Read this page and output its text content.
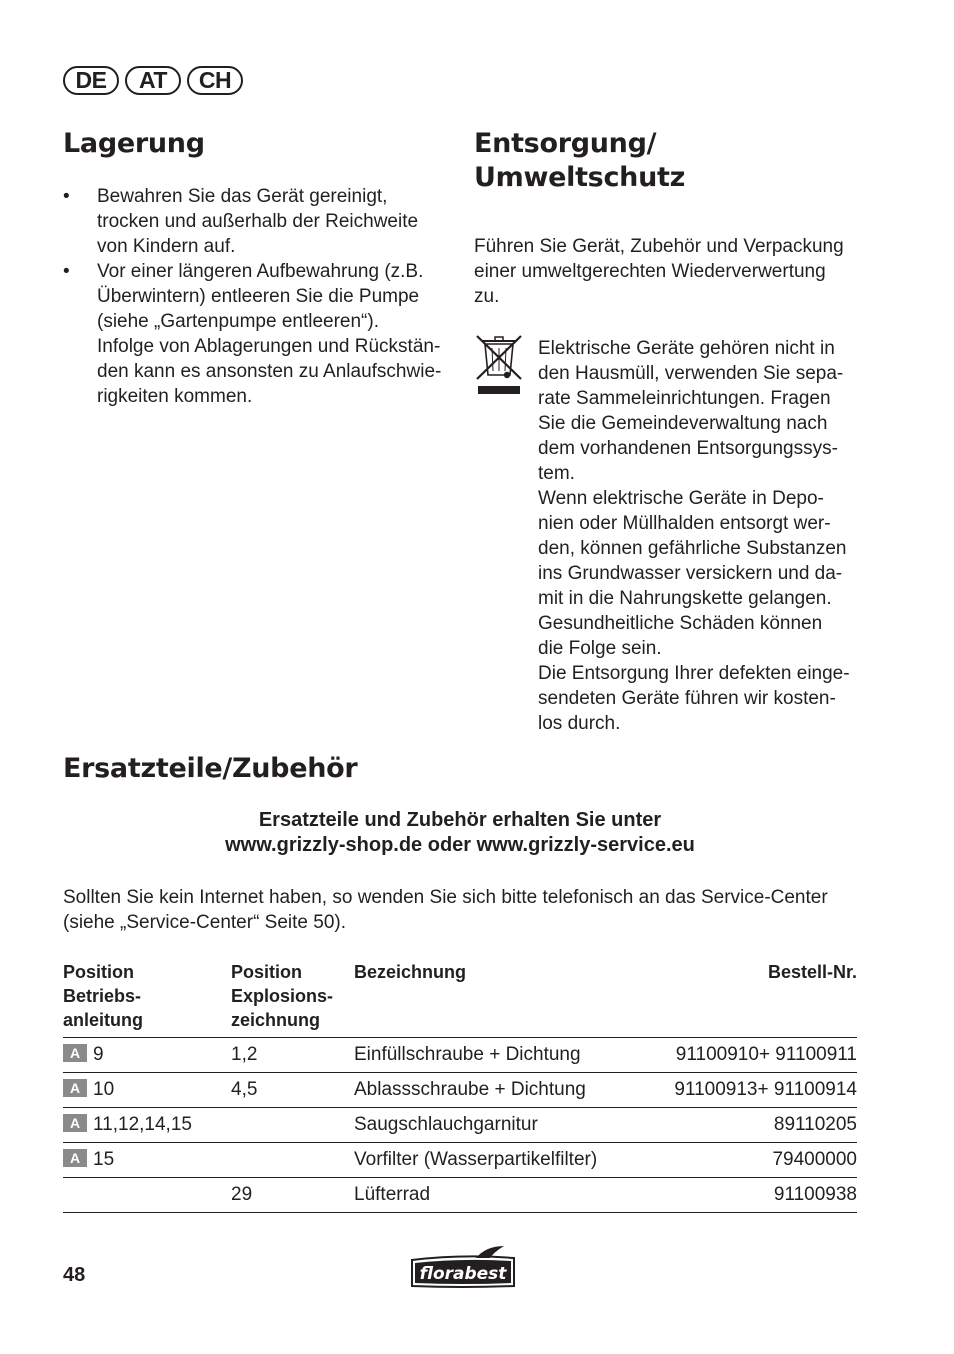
DE	AT	CH
Lagerung
• Bewahren Sie das Gerät gereinigt,
trocken und außerhalb der Reichweite
von Kindern auf.
• Vor einer längeren Aufbewahrung (z.B.
Überwintern) entleeren Sie die Pumpe
(siehe „Gartenpumpe entleeren“).
Infolge von Ablagerungen und Rückstän-
den kann es ansonsten zu Anlaufschwie-
rigkeiten kommen.
Entsorgung/
Umweltschutz
Führen Sie Gerät, Zubehör und Verpackung
einer umweltgerechten Wiederverwertung
zu.
Elektrische Geräte gehören nicht in
den Hausmüll, verwenden Sie sepa-
rate Sammeleinrichtungen. Fragen
Sie die Gemeindeverwaltung nach
dem vorhandenen Entsorgungssys-
tem.
Wenn elektrische Geräte in Depo-
nien oder Müllhalden entsorgt wer-
den, können gefährliche Substanzen
ins Grundwasser versickern und da-
mit in die Nahrungskette gelangen.
Gesundheitliche Schäden können
die Folge sein.
Die Entsorgung Ihrer defekten einge-
sendeten Geräte führen wir kosten-
los durch.
Ersatzteile/Zubehör
Ersatzteile und Zubehör erhalten Sie unter
www.grizzly-shop.de oder www.grizzly-service.eu
Sollten Sie kein Internet haben, so wenden Sie sich bitte telefonisch an das Service-Center
(siehe „Service-Center“ Seite 50).
Position
Betriebs-
anleitung	Position
Explosions-
zeichnung	Bezeichnung	Bestell-Nr.
A 9	1,2	Einfüllschraube + Dichtung	91100910+ 91100911
A 10	4,5	Ablassschraube + Dichtung	91100913+ 91100914
A 11,12,14,15		Saugschlauchgarnitur	89110205
A 15		Vorfilter (Wasserpartikelfilter)	79400000
	29	Lüfterrad	91100938
48	florabest
